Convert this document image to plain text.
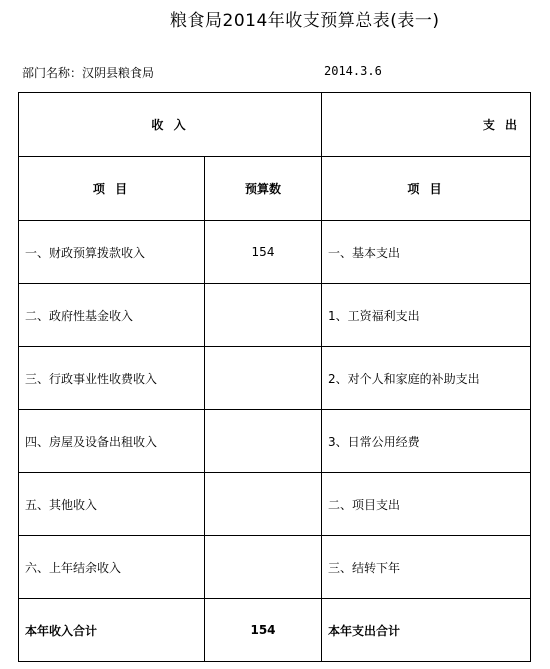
粮食局2014年收支预算总表(表一)
部门名称：汉阴县粮食局	2014.3.6
收 入		支 出
项 目	预算数	项 目
一、财政预算拨款收入	154	一、基本支出
二、政府性基金收入		1、工资福利支出
三、行政事业性收费收入		2、对个人和家庭的补助支出
四、房屋及设备出租收入		3、日常公用经费
五、其他收入		二、项目支出
六、上年结余收入		三、结转下年
本年收入合计	154	本年支出合计
